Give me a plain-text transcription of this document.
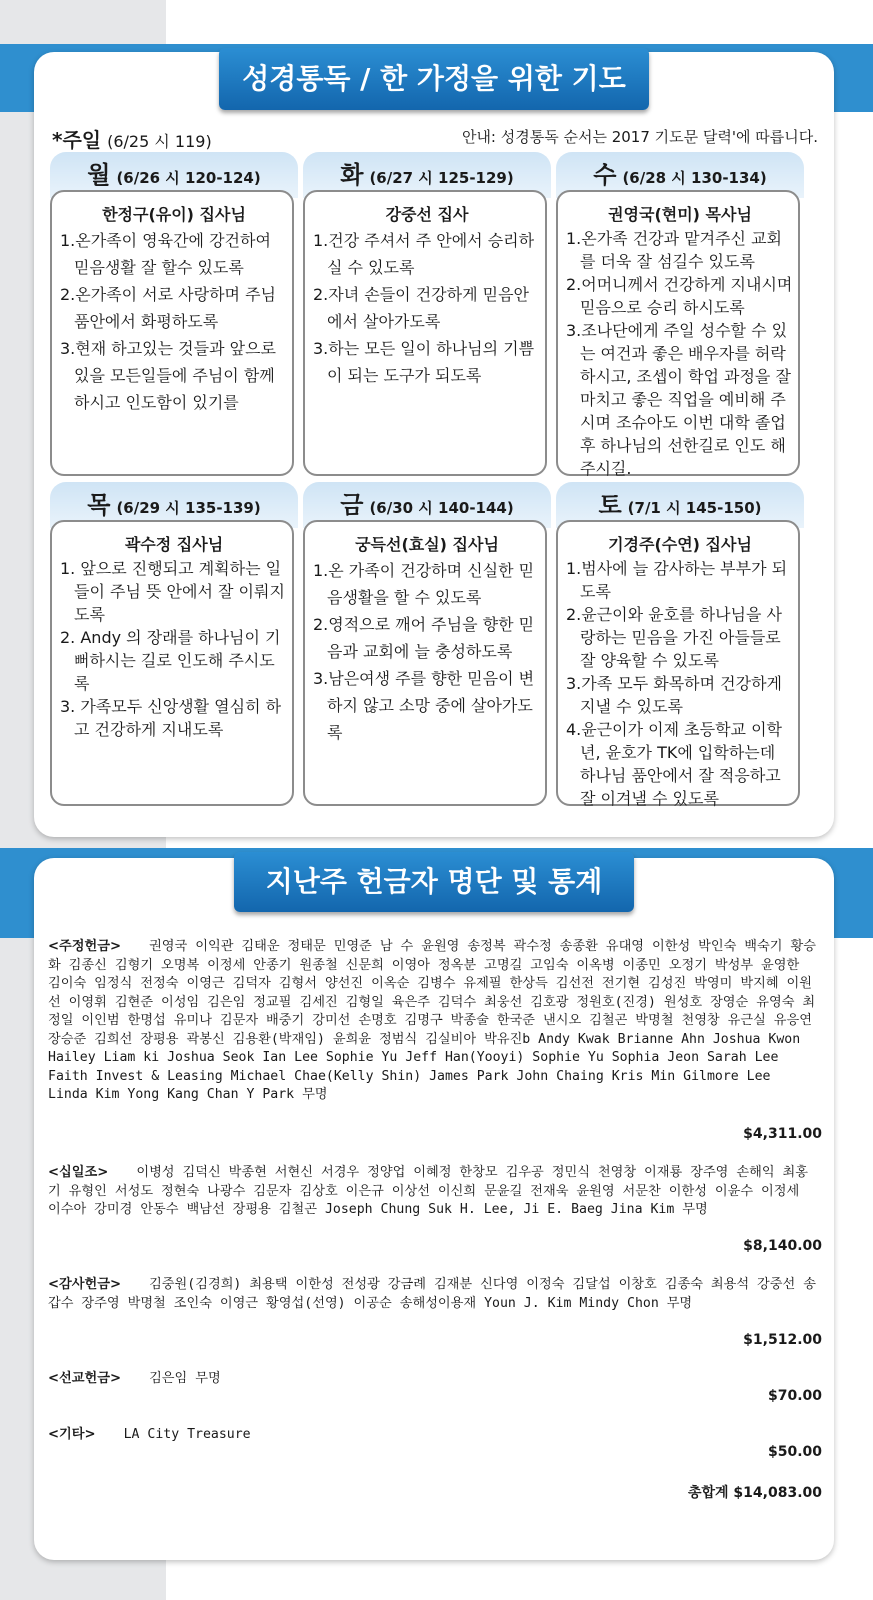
성경통독 / 한 가정을 위한 기도
*주일 (6/25 시 119)	안내: 성경통독 순서는 2017 기도문 달력'에 따릅니다.
월 (6/26 시 120-124)
한정구(유이) 집사님
1.온가족이 영육간에 강건하여 믿음생활 잘 할수 있도록
2.온가족이 서로 사랑하며 주님 품안에서 화평하도록
3.현재 하고있는 것들과 앞으로 있을 모든일들에 주님이 함께하시고 인도함이 있기를
화 (6/27 시 125-129)
강중선 집사
1.건강 주셔서 주 안에서 승리하실 수 있도록
2.자녀 손들이 건강하게 믿음안에서 살아가도록
3.하는 모든 일이 하나님의 기쁨이 되는 도구가 되도록
수 (6/28 시 130-134)
권영국(현미) 목사님
1.온가족 건강과 맡겨주신 교회를 더욱 잘 섬길수 있도록
2.어머니께서 건강하게 지내시며 믿음으로 승리 하시도록
3.조나단에게 주일 성수할 수 있는 여건과 좋은 배우자를 허락하시고, 조셉이 학업 과정을 잘 마치고 좋은 직업을 예비해 주시며 조슈아도 이번 대학 졸업후 하나님의 선한길로 인도 해주시길.
목 (6/29 시 135-139)
곽수정 집사님
1. 앞으로 진행되고 계획하는 일들이 주님 뜻 안에서 잘 이뤄지도록
2. Andy 의 장래를 하나님이 기뻐하시는 길로 인도해 주시도록
3. 가족모두 신앙생활 열심히 하고 건강하게 지내도록
금 (6/30 시 140-144)
궁득선(효실) 집사님
1.온 가족이 건강하며 신실한 믿음생활을 할 수 있도록
2.영적으로 깨어 주님을 향한 믿음과 교회에 늘 충성하도록
3.남은여생 주를 향한 믿음이 변하지 않고 소망 중에 살아가도록
토 (7/1 시 145-150)
기경주(수연) 집사님
1.범사에 늘 감사하는 부부가 되도록
2.윤근이와 윤호를 하나님을 사랑하는 믿음을 가진 아들들로 잘 양육할 수 있도록
3.가족 모두 화목하며 건강하게 지낼 수 있도록
4.윤근이가 이제 초등학교 이학년, 윤호가 TK에 입학하는데 하나님 품안에서 잘 적응하고 잘 이겨낼 수 있도록
지난주 헌금자 명단 및 통계
<주정헌금> 권영국 이익관 김태운 정태문 민영준 남 수 윤원영 송정복 곽수정 송종환 유대영 이한성 박인숙 백숙기 황승화 김종신 김형기 오명복 이정세 안종기 원종철 신문희 이영아 정옥분 고명길 고임숙 이옥병 이종민 오정기 박성부 윤영한 김이숙 임정식 전정숙 이영근 김덕자 김형서 양선진 이옥순 김병수 유제필 한상득 김선전 전기현 김성진 박영미 박지혜 이원선 이영휘 김현준 이성임 김은임 정교필 김세진 김형일 육은주 김덕수 최웅선 김호광 정원호(진경) 원성호 장영순 유영숙 최정일 이인범 한명섭 유미나 김문자 배중기 강미선 손명호 김명구 박종술 한국준 낸시오 김철곤 박명철 천영창 유근실 유응연 장승준 김희선 장평용 곽봉신 김용환(박재임) 윤희윤 정범식 김실비아 박유진b Andy Kwak Brianne Ahn Joshua Kwon Hailey Liam ki Joshua Seok Ian Lee Sophie Yu Jeff Han(Yooyi) Sophie Yu Sophia Jeon Sarah Lee Faith Invest & Leasing Michael Chae(Kelly Shin) James Park John Chaing Kris Min Gilmore Lee Linda Kim Yong Kang Chan Y Park 무명
$4,311.00
<십일조> 이병성 김덕신 박종현 서현신 서경우 정양업 이혜정 한창모 김우공 정민식 천영창 이재룡 장주영 손해익 최홍기 유형인 서성도 정현숙 나광수 김문자 김상호 이은규 이상선 이신희 문윤길 전재욱 윤원영 서문찬 이한성 이윤수 이정세 이수아 강미경 안동수 백남선 장평용 김철곤 Joseph Chung Suk H. Lee, Ji E. Baeg Jina Kim 무명
$8,140.00
<감사헌금> 김중원(김경희) 최용택 이한성 전성광 강금례 김재분 신다영 이정숙 김달섭 이창호 김종숙 최용석 강중선 송갑수 장주영 박명철 조인숙 이영근 황영섭(선영) 이공순 송해성이용재 Youn J. Kim Mindy Chon 무명
$1,512.00
<선교헌금> 김은임 무명
$70.00
<기타> LA City Treasure
$50.00
총합계 $14,083.00
